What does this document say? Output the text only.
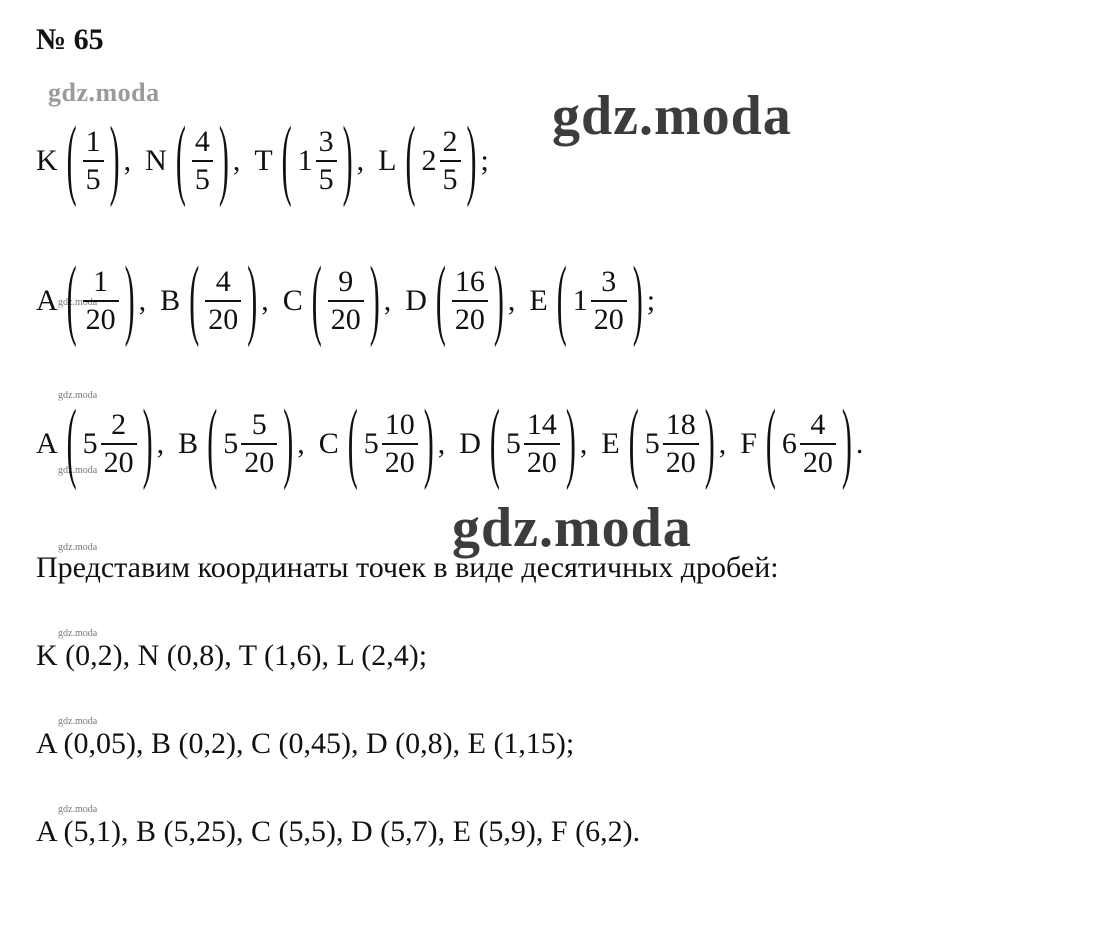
№ 65
gdz.moda	gdz.moda
gdz.moda
gdz.moda
gdz.moda
gdz.moda
gdz.moda
gdz.moda
gdz.moda
gdz.moda
K ( $\frac{1}{5}$ ) , N ( $\frac{4}{5}$ ) , T ( $1 \frac{3}{5}$ ) , L ( $2 \frac{2}{5}$ ) ;
A ( $\frac{1}{20}$ ) , B ( $\frac{4}{20}$ ) , C ( $\frac{9}{20}$ ) , D ( $\frac{16}{20}$ ) , E ( $1 \frac{3}{20}$ ) ;
A ( $5 \frac{2}{20}$ ) , B ( $5 \frac{5}{20}$ ) , C ( $5 \frac{10}{20}$ ) , D ( $5 \frac{14}{20}$ ) , E ( $5 \frac{18}{20}$ ) , F ( $6 \frac{4}{20}$ ) .
Представим координаты точек в виде десятичных дробей:
K (0,2), N (0,8), T (1,6), L (2,4);
A (0,05), B (0,2), C (0,45), D (0,8), E (1,15);
A (5,1), B (5,25), C (5,5), D (5,7), E (5,9), F (6,2).
